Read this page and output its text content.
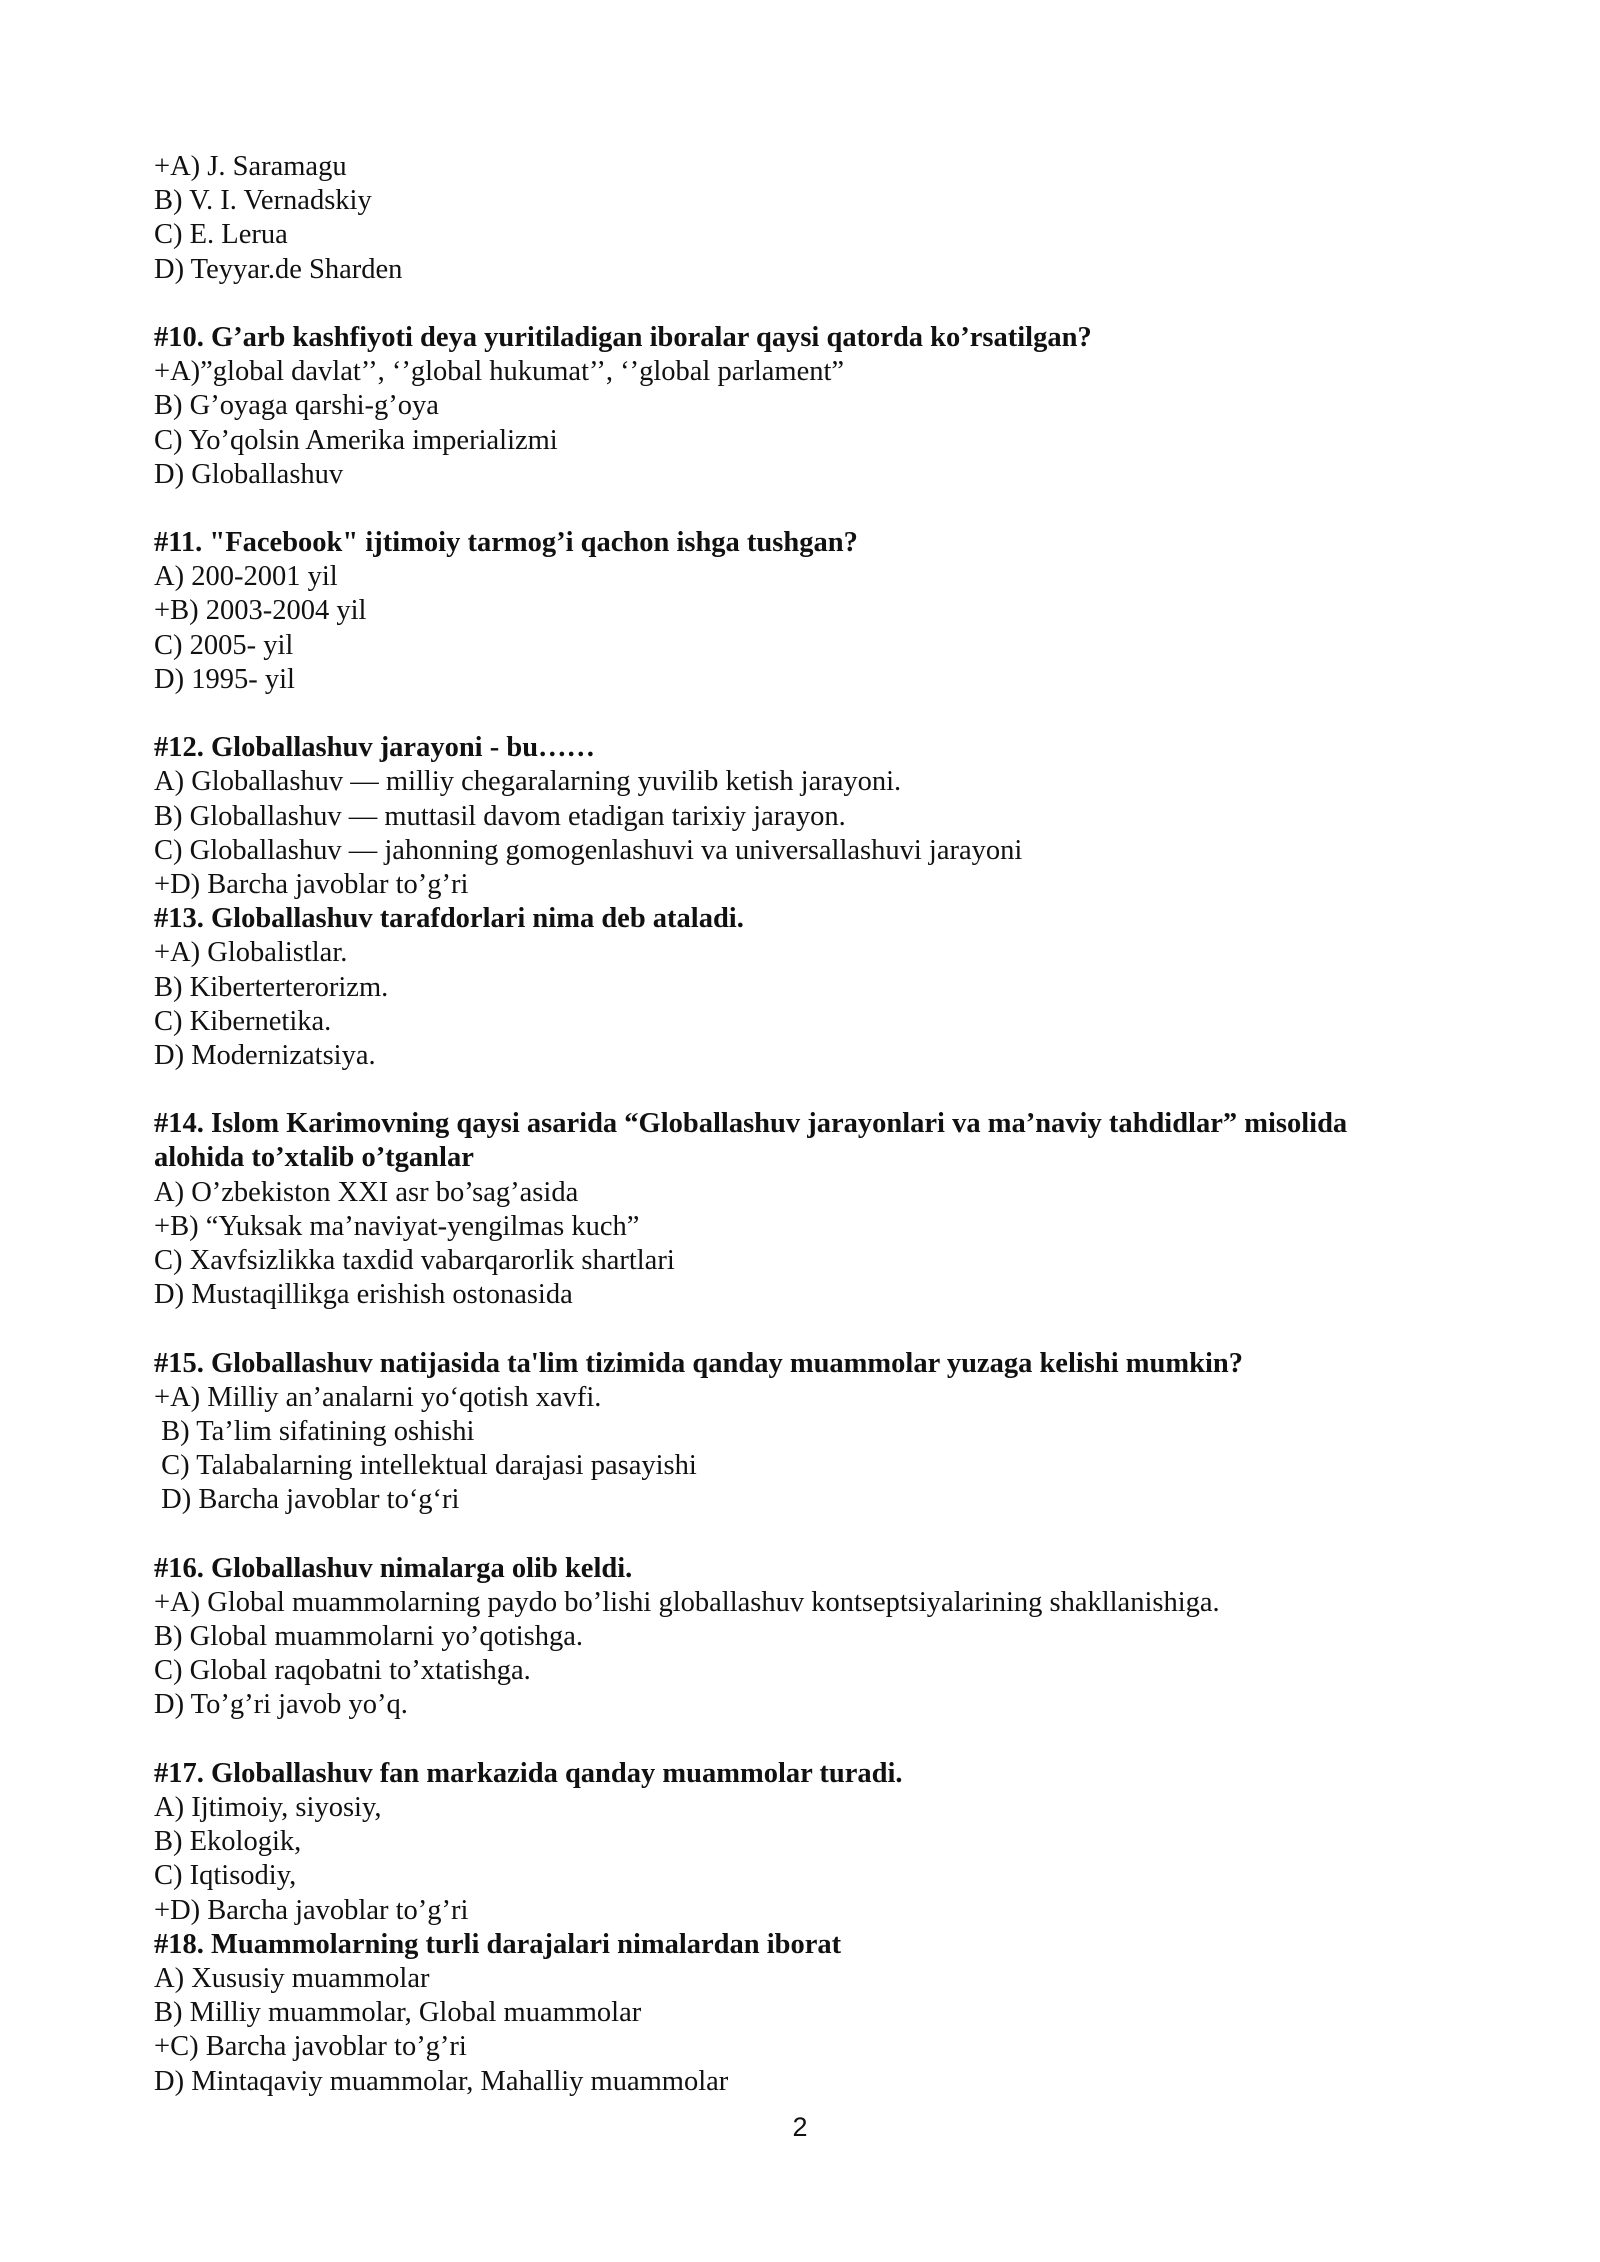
+A) J. Saramagu

B) V. I. Vernadskiy

C) E. Lerua

D) Teyyar.de Sharden

#10. G’arb kashfiyoti deya yuritiladigan iboralar qaysi qatorda ko’rsatilgan?

+A)”global davlat’’, ‘’global hukumat’’, ‘’global parlament”

B) G’oyaga qarshi-g’oya

C) Yo’qolsin Amerika imperializmi

D) Globallashuv

#11. "Facebook" ijtimoiy tarmog’i qachon ishga tushgan?

A) 200-2001 yil

+B) 2003-2004 yil

C) 2005- yil

D) 1995- yil

#12. Globallashuv jarayoni - bu……

A) Globallashuv — milliy chegaralarning yuvilib ketish jarayoni.

B) Globallashuv — muttasil davom etadigan tarixiy jarayon.

C) Globallashuv — jahonning gomogenlashuvi va universallashuvi jarayoni

+D) Barcha javoblar to’g’ri

#13. Globallashuv tarafdorlari nima deb ataladi.

+A) Globalistlar.

B) Kiberterterorizm.

C) Kibernetika.

D) Modernizatsiya.

#14. Islom Karimovning qaysi asarida “Globallashuv jarayonlari va ma’naviy tahdidlar” misolida

alohida to’xtalib o’tganlar

A) O’zbekiston XXI asr bo’sag’asida

+B) “Yuksak ma’naviyat-yengilmas kuch”

C) Xavfsizlikka taxdid vabarqarorlik shartlari

D) Mustaqillikga erishish ostonasida

#15. Globallashuv natijasida ta'lim tizimida qanday muammolar yuzaga kelishi mumkin?

+A) Milliy an’analarni yo‘qotish xavfi.

B) Ta’lim sifatining oshishi

C) Talabalarning intellektual darajasi pasayishi

D) Barcha javoblar to‘g‘ri

#16. Globallashuv nimalarga olib keldi.

+A) Global muammolarning paydo bo’lishi globallashuv kontseptsiyalarining shakllanishiga.

B) Global muammolarni yo’qotishga.

C) Global raqobatni to’xtatishga.

D) To’g’ri javob yo’q.

#17. Globallashuv fan markazida qanday muammolar turadi.

A) Ijtimoiy, siyosiy,

B) Ekologik,

C) Iqtisodiy,

+D) Barcha javoblar to’g’ri

#18. Muammolarning turli darajalari nimalardan iborat

A) Xususiy muammolar

B) Milliy muammolar, Global muammolar

+C) Barcha javoblar to’g’ri

D) Mintaqaviy muammolar, Mahalliy muammolar

2
